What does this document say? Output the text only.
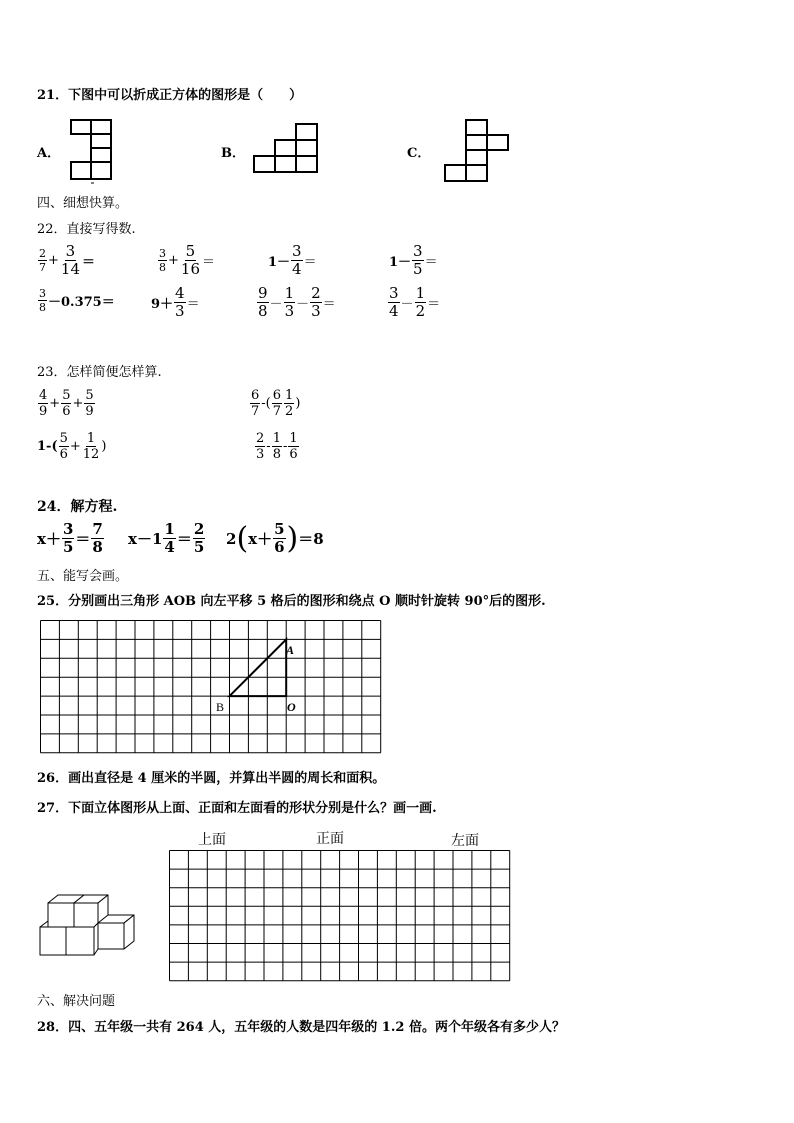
21．下图中可以折成正方体的图形是（　　）
A．	B．	C．
四、细想快算。
22．直接写得数.
$\frac{2}{7} + \frac{3}{14}$ ＝	$\frac{3}{8} + \frac{5}{16}$ ＝	$1- \frac{3}{4}$ ＝	$1- \frac{3}{5}$ ＝
$\frac{3}{8} -0.375=$	$9+ \frac{4}{3}$ ＝	$\frac{9}{8} - \frac{1}{3} - \frac{2}{3}$ ＝	$\frac{3}{4} - \frac{1}{2}$ ＝
23．怎样简便怎样算.
$\frac{4}{9} + \frac{5}{6} + \frac{5}{9}$	$\frac{6}{7}$ -( $\frac{6}{7} \frac{1}{2}$ )
$1-( \frac{5}{6} + \frac{1}{12}$ )	$\frac{2}{3} - \frac{1}{8} - \frac{1}{6}$
24．解方程.
$x+ \frac{3}{5} = \frac{7}{8} x-1 \frac{1}{4} = \frac{2}{5} 2$ ( $x+ \frac{5}{6}$ ) ＝8
五、能写会画。
25．分别画出三角形 AOB 向左平移 5 格后的图形和绕点 O 顺时针旋转 90°后的图形.
A
B	O
26．画出直径是 4 厘米的半圆，并算出半圆的周长和面积。
27．下面立体图形从上面、正面和左面看的形状分别是什么？画一画.
上面	正面	左面
六、解决问题
28．四、五年级一共有 264 人，五年级的人数是四年级的 1.2 倍。两个年级各有多少人？
